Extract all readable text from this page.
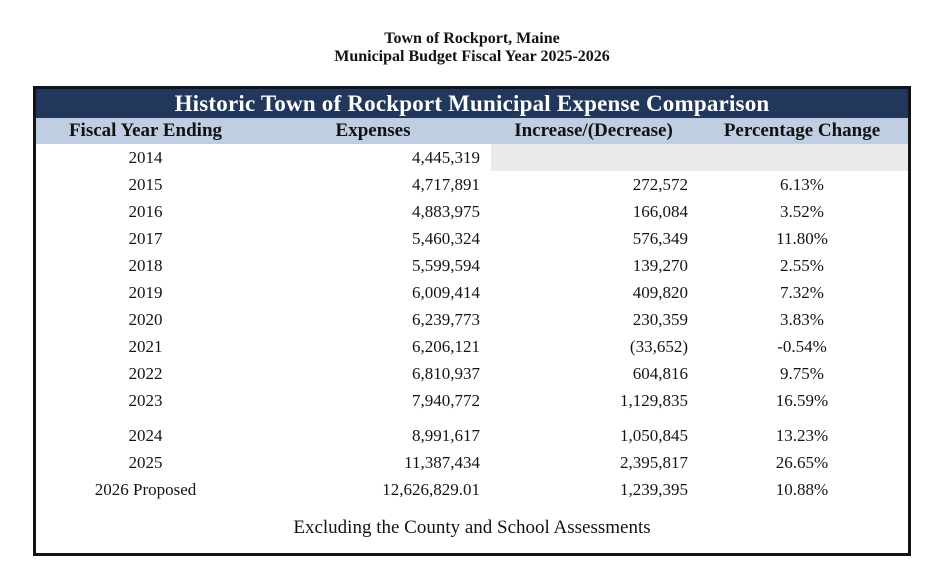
Town of Rockport, Maine
Municipal Budget Fiscal Year 2025-2026
Historic Town of Rockport Municipal Expense Comparison
Fiscal Year Ending	Expenses	Increase/(Decrease)	Percentage Change
2014	4,445,319		
2015	4,717,891	272,572	6.13%
2016	4,883,975	166,084	3.52%
2017	5,460,324	576,349	11.80%
2018	5,599,594	139,270	2.55%
2019	6,009,414	409,820	7.32%
2020	6,239,773	230,359	3.83%
2021	6,206,121	(33,652)	-0.54%
2022	6,810,937	604,816	9.75%
2023	7,940,772	1,129,835	16.59%

2024	8,991,617	1,050,845	13.23%
2025	11,387,434	2,395,817	26.65%
2026 Proposed	12,626,829.01	1,239,395	10.88%
Excluding the County and School Assessments
